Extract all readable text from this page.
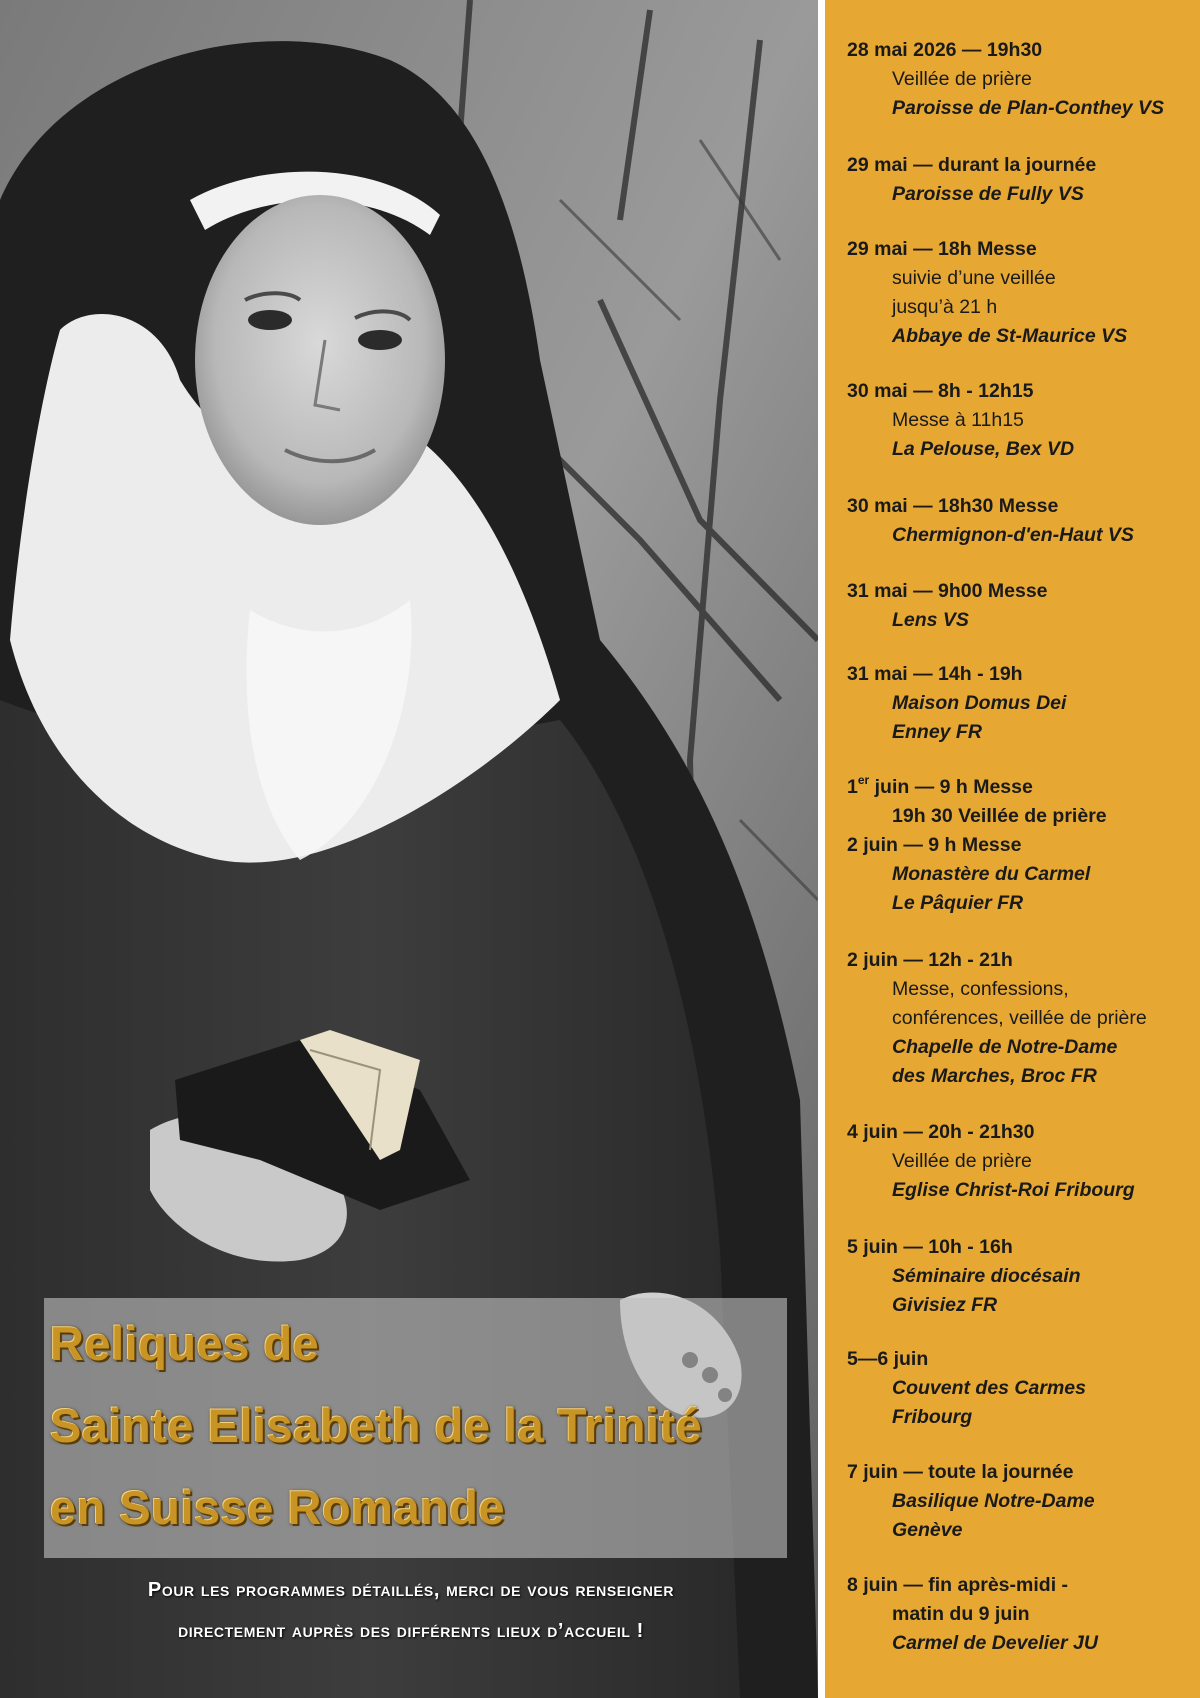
Reliques de
Sainte Elisabeth de la Trinité
en Suisse Romande
Pour les programmes détaillés, merci de vous renseigner
directement auprès des différents lieux d’accueil !
28 mai 2026 — 19h30
Veillée de prière
Paroisse de Plan-Conthey VS
29 mai — durant la journée
Paroisse de Fully VS
29 mai — 18h Messe
suivie d’une veillée
jusqu’à 21 h
Abbaye de St-Maurice VS
30 mai — 8h - 12h15
Messe à 11h15
La Pelouse, Bex VD
30 mai — 18h30 Messe
Chermignon-d'en-Haut VS
31 mai — 9h00 Messe
Lens VS
31 mai — 14h - 19h
Maison Domus Dei
Enney FR
1er juin — 9 h Messe
19h 30 Veillée de prière
2 juin — 9 h Messe
Monastère du Carmel
Le Pâquier FR
2 juin — 12h - 21h
Messe, confessions,
conférences, veillée de prière
Chapelle de Notre-Dame
des Marches, Broc FR
4 juin — 20h - 21h30
Veillée de prière
Eglise Christ-Roi Fribourg
5 juin — 10h - 16h
Séminaire diocésain
Givisiez FR
5—6 juin
Couvent des Carmes
Fribourg
7 juin — toute la journée
Basilique Notre-Dame
Genève
8 juin — fin après-midi -
matin du 9 juin
Carmel de Develier JU
